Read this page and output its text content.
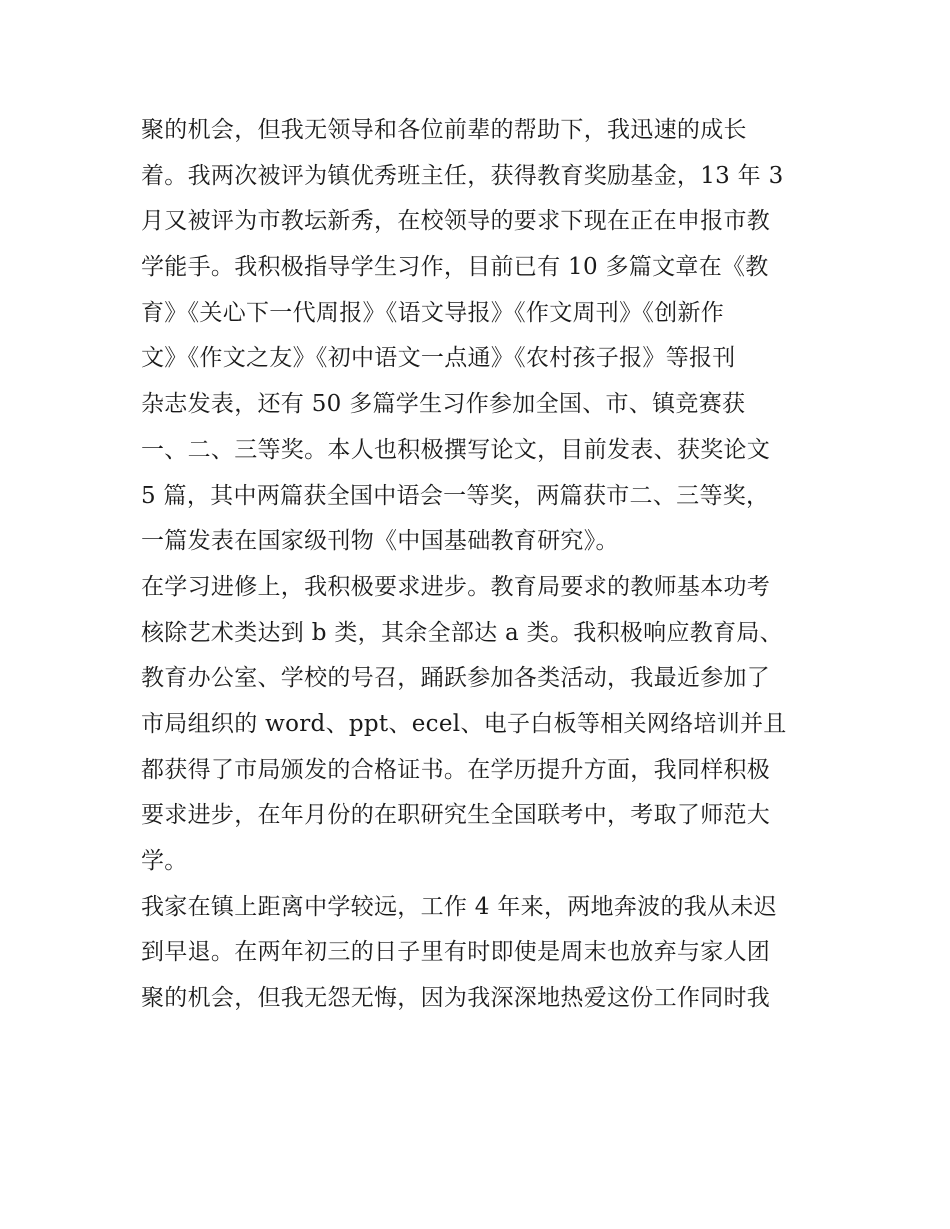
聚的机会，但我无领导和各位前辈的帮助下，我迅速的成长
着。我两次被评为镇优秀班主任，获得教育奖励基金，13 年 3
月又被评为市教坛新秀，在校领导的要求下现在正在申报市教
学能手。我积极指导学生习作，目前已有 10 多篇文章在《教
育》《关心下一代周报》《语文导报》《作文周刊》《创新作
文》《作文之友》《初中语文一点通》《农村孩子报》等报刊
杂志发表，还有 50 多篇学生习作参加全国、市、镇竞赛获
一、二、三等奖。本人也积极撰写论文，目前发表、获奖论文
5 篇，其中两篇获全国中语会一等奖，两篇获市二、三等奖，
一篇发表在国家级刊物《中国基础教育研究》。
在学习进修上，我积极要求进步。教育局要求的教师基本功考
核除艺术类达到 b 类，其余全部达 a 类。我积极响应教育局、
教育办公室、学校的号召，踊跃参加各类活动，我最近参加了
市局组织的 word、ppt、ecel、电子白板等相关网络培训并且
都获得了市局颁发的合格证书。在学历提升方面，我同样积极
要求进步，在年月份的在职研究生全国联考中，考取了师范大
学。
我家在镇上距离中学较远，工作 4 年来，两地奔波的我从未迟
到早退。在两年初三的日子里有时即使是周末也放弃与家人团
聚的机会，但我无怨无悔，因为我深深地热爱这份工作同时我
